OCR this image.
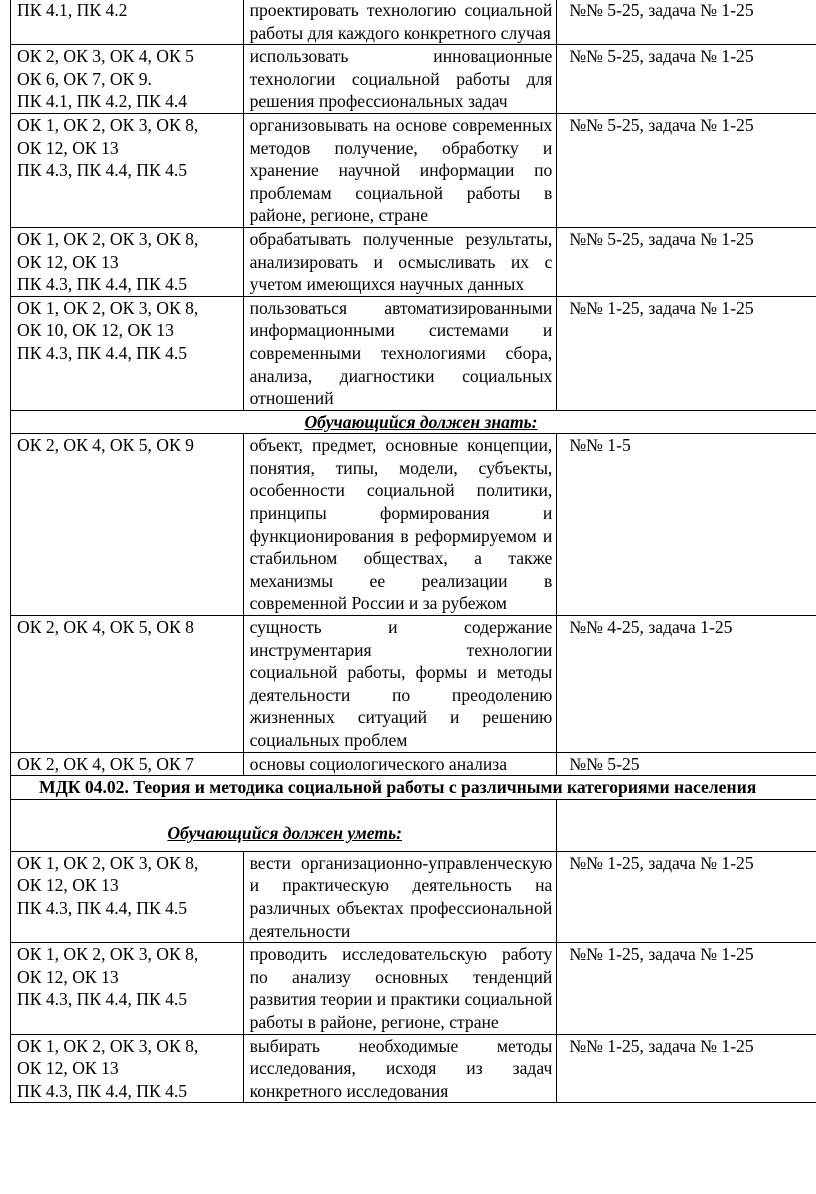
ПК 4.1, ПК 4.2	проектировать технологию социальной работы для каждого конкретного случая	№№ 5-25, задача № 1-25

ОК 2, ОК 3, ОК 4, ОК 5
ОК 6, ОК 7, ОК 9.
ПК 4.1, ПК 4.2, ПК 4.4	использовать инновационные технологии социальной работы для решения профессиональных задач	№№ 5-25, задача № 1-25

ОК 1, ОК 2, ОК 3, ОК 8,
ОК 12, ОК 13
ПК 4.3, ПК 4.4, ПК 4.5	организовывать на основе современных методов получение, обработку и хранение научной информации по проблемам социальной работы в районе, регионе, стране	№№ 5-25, задача № 1-25

ОК 1, ОК 2, ОК 3, ОК 8,
ОК 12, ОК 13
ПК 4.3, ПК 4.4, ПК 4.5	обрабатывать полученные результаты, анализировать и осмысливать их с учетом имеющихся научных данных	№№ 5-25, задача № 1-25

ОК 1, ОК 2, ОК 3, ОК 8,
ОК 10, ОК 12, ОК 13
ПК 4.3, ПК 4.4, ПК 4.5	пользоваться автоматизированными информационными системами и современными технологиями сбора, анализа, диагностики социальных отношений	№№ 1-25, задача № 1-25
Обучающийся должен знать:		

ОК 2, ОК 4, ОК 5, ОК 9	объект, предмет, основные концепции, понятия, типы, модели, субъекты, особенности социальной политики, принципы формирования и функционирования в реформируемом и стабильном обществах, а также механизмы ее реализации в современной России и за рубежом	№№ 1-5

ОК 2, ОК 4, ОК 5, ОК 8	сущность и содержание инструментария технологии социальной работы, формы и методы деятельности по преодолению жизненных ситуаций и решению социальных проблем	№№ 4-25, задача 1-25

ОК 2, ОК 4, ОК 5, ОК 7	основы социологического анализа	№№ 5-25
МДК 04.02. Теория и методика социальной работы с различными категориями населения		
Обучающийся должен уметь:		

ОК 1, ОК 2, ОК 3, ОК 8,
ОК 12, ОК 13
ПК 4.3, ПК 4.4, ПК 4.5	вести организационно-управленческую и практическую деятельность на различных объектах профессиональной деятельности	№№ 1-25, задача № 1-25

ОК 1, ОК 2, ОК 3, ОК 8,
ОК 12, ОК 13
ПК 4.3, ПК 4.4, ПК 4.5	проводить исследовательскую работу по анализу основных тенденций развития теории и практики социальной работы в районе, регионе, стране	№№ 1-25, задача № 1-25

ОК 1, ОК 2, ОК 3, ОК 8,
ОК 12, ОК 13
ПК 4.3, ПК 4.4, ПК 4.5	выбирать необходимые методы исследования, исходя из задач конкретного исследования	№№ 1-25, задача № 1-25
